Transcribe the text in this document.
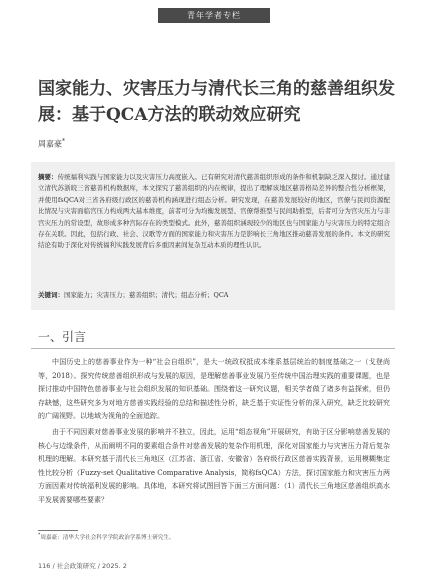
青年学者专栏
国家能力、灾害压力与清代长三角的慈善组织发展：基于QCA方法的联动效应研究
周嘉豪*

摘要：传统福利实践与国家能力以及灾害压力高度嵌入。已有研究对清代慈善组织形成的条件和机制缺乏深入探讨。通过建立清代苏浙皖三省慈善机构数据库，本文探究了慈善组织的内在规律，提出了理解该地区慈善格局差异的整合性分析框架，并使用fsQCA对三省各府级行政区的慈善机构涵现进行组态分析。研究发现，在慈善发展较好的地区，官僚与民间资源配比情况与灾害面临宫压力构成两大基本维度，前者可分为均衡发展型、官僚帮推型与民间助推型，后者可分为宫灾压力与非宫灾压力的常设型，故形成多种宫际存在的类型模式。此外，慈善组织涵现较少的地区也与国家能力与灾害压力的特定组合存在关联。因此，包括行政、社会、汉歌等方面的国家能力和灾害压力是影响长三角地区推动慈善发展的条件。本文的研究结论有助于深化对传统福利实践发展背后多重因素间复杂互动本质的理性认识。

关键词：国家能力；灾害压力；慈善组织；清代；组态分析；QCA

一、引言

中国历史上的慈善事业作为一种“社会自组织”，是大一统政权抵成本维系基层统治的制度基础之一（戈登尚等，2018）。探究传统慈善组织形成与发展的原因，是理解慈善事业发展乃至传统中国治理实践的重要课题，也是探讨推动中国特色慈善事业与社会组织发展的知识基础。围绕着这一研究议题，相关学者做了诸多有益探索，但仍存缺憾，这些研究多为对地方慈善实践经验的总结和描述性分析，缺乏基于实证性分析的深入研究，缺乏比较研究的广阔视野。以地域为视角的全面追踪。

由于不同因素对慈善事业发展的影响并不独立，因此，运用“组态视角”开展研究，有助于区分影响慈善发展的核心与边缘条件，从而阐明不同的要素组合条件对慈善发展的复杂作用机理，深化对国家能力与灾害压力背后复杂机理的理解。本研究基于清代长三角地区（江苏省、浙江省、安徽省）各府级行政区慈善实践背景，运用模糊集定性比较分析（Fuzzy-set Qualitative Comparative Analysis，简称fsQCA）方法，探讨国家能力和灾害压力两方面因素对传统福利发展的影响。具体地，本研究将试图回答下面三方面问题：（1）清代长三角地区慈善组织高水平发展需要哪些要素？

*周嘉豪：清华大学社会科学学院政治学系博士研究生。

116 / 社会政策研究 / 2025. 2
